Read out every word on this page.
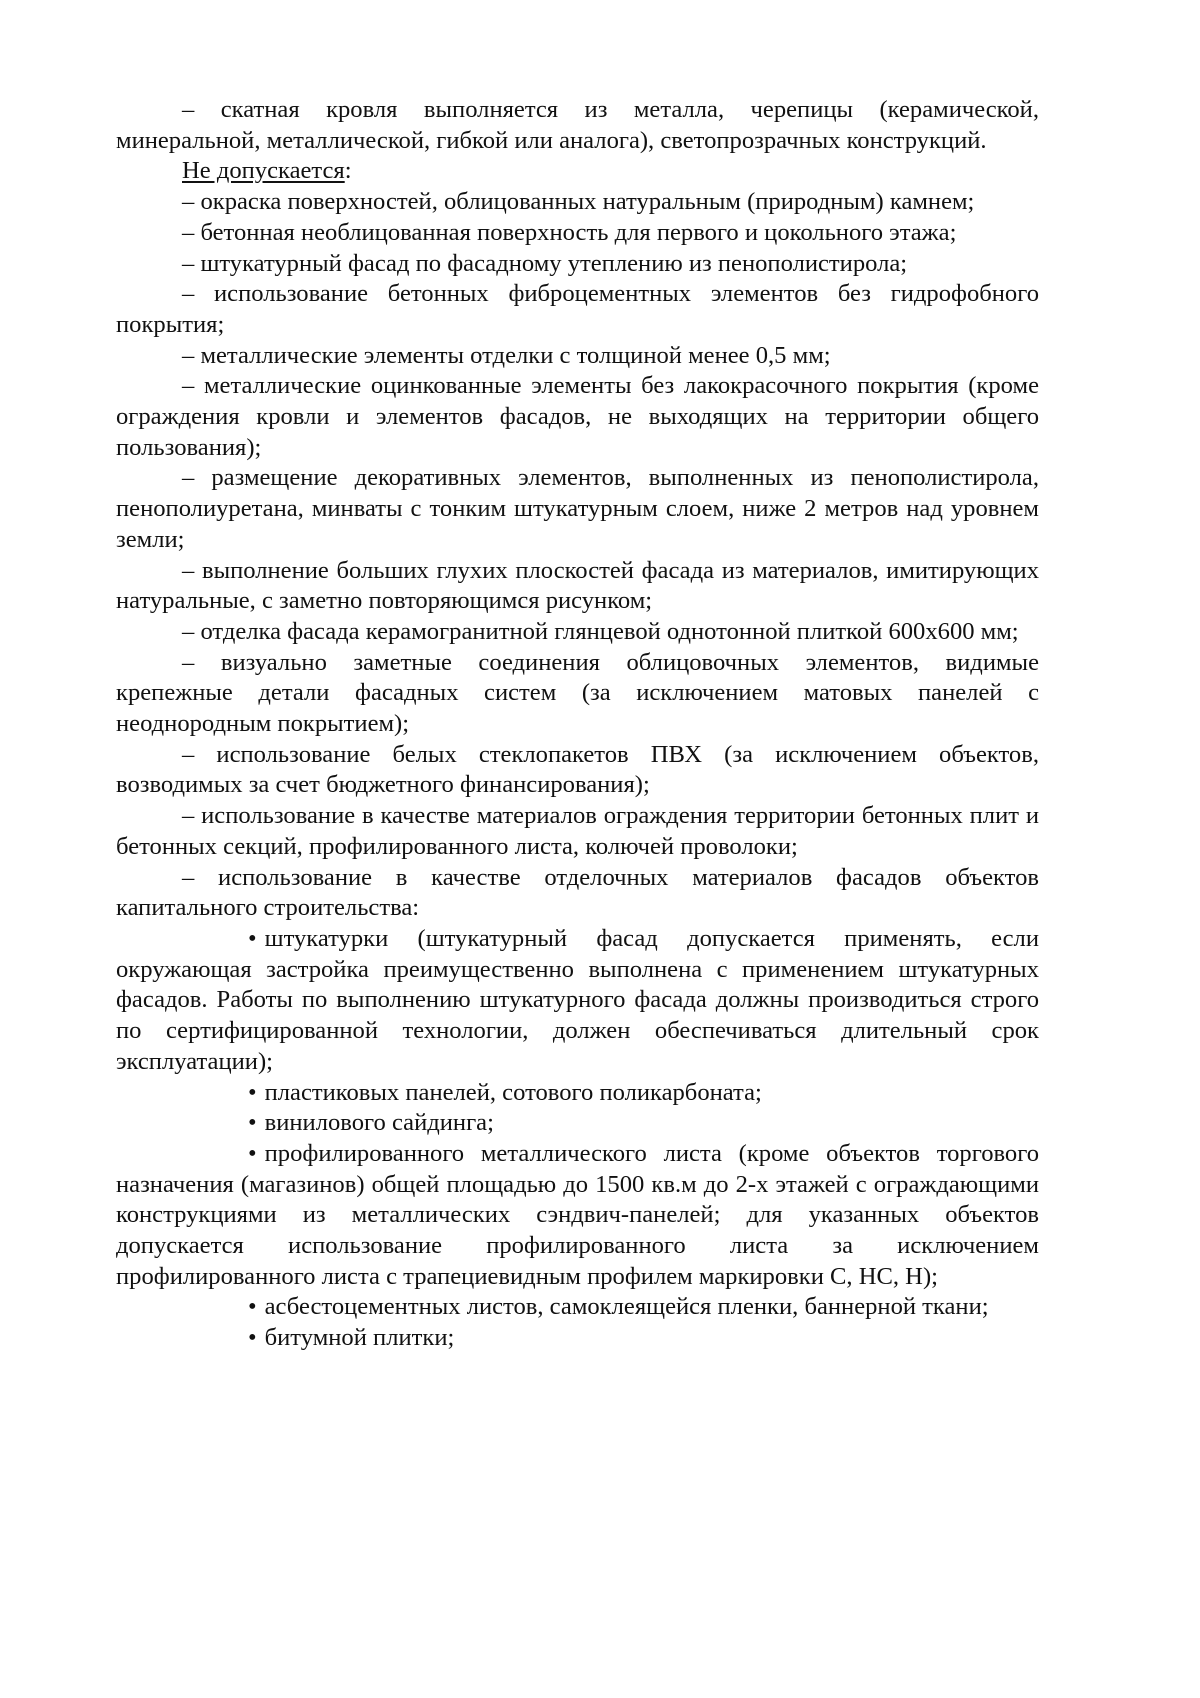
– скатная кровля выполняется из металла, черепицы (керамической, минеральной, металлической, гибкой или аналога), светопрозрачных конструкций.

Не допускается:

– окраска поверхностей, облицованных натуральным (природным) камнем;

– бетонная необлицованная поверхность для первого и цокольного этажа;

– штукатурный фасад по фасадному утеплению из пенополистирола;

– использование бетонных фиброцементных элементов без гидрофобного покрытия;

– металлические элементы отделки с толщиной менее 0,5 мм;

– металлические оцинкованные элементы без лакокрасочного покрытия (кроме ограждения кровли и элементов фасадов, не выходящих на территории общего пользования);

– размещение декоративных элементов, выполненных из пенополистирола, пенополиуретана, минваты с тонким штукатурным слоем, ниже 2 метров над уровнем земли;

– выполнение больших глухих плоскостей фасада из материалов, имитирующих натуральные, с заметно повторяющимся рисунком;

– отделка фасада керамогранитной глянцевой однотонной плиткой 600х600 мм;

– визуально заметные соединения облицовочных элементов, видимые крепежные детали фасадных систем (за исключением матовых панелей с неоднородным покрытием);

– использование белых стеклопакетов ПВХ (за исключением объектов, возводимых за счет бюджетного финансирования);

– использование в качестве материалов ограждения территории бетонных плит и бетонных секций, профилированного листа, колючей проволоки;

– использование в качестве отделочных материалов фасадов объектов капитального строительства:

• штукатурки (штукатурный фасад допускается применять, если окружающая застройка преимущественно выполнена с применением штукатурных фасадов. Работы по выполнению штукатурного фасада должны производиться строго по сертифицированной технологии, должен обеспечиваться длительный срок эксплуатации);

• пластиковых панелей, сотового поликарбоната;

• винилового сайдинга;

• профилированного металлического листа (кроме объектов торгового назначения (магазинов) общей площадью до 1500 кв.м до 2-х этажей с ограждающими конструкциями из металлических сэндвич-панелей; для указанных объектов допускается использование профилированного листа за исключением профилированного листа с трапециевидным профилем маркировки С, НС, Н);

• асбестоцементных листов, самоклеящейся пленки, баннерной ткани;

• битумной плитки;
